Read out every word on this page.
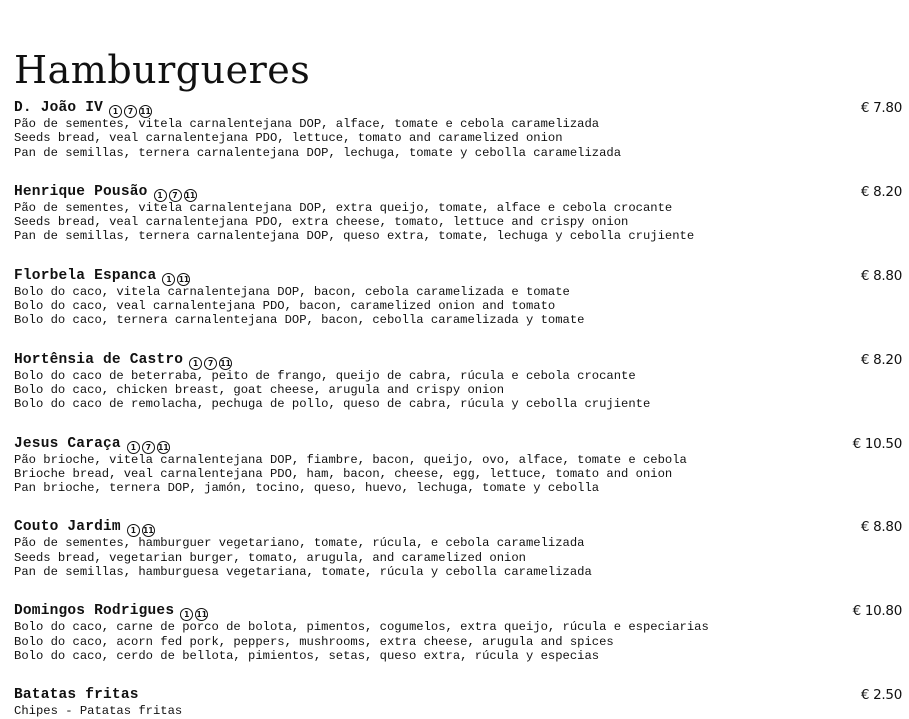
Hamburgueres
D. João IV 1 7 11	€ 7.80
Pão de sementes, vitela carnalentejana DOP, alface, tomate e cebola caramelizada
Seeds bread, veal carnalentejana PDO, lettuce, tomato and caramelized onion
Pan de semillas, ternera carnalentejana DOP, lechuga, tomate y cebolla caramelizada
Henrique Pousão 1 7 11	€ 8.20
Pão de sementes, vitela carnalentejana DOP, extra queijo, tomate, alface e cebola crocante
Seeds bread, veal carnalentejana PDO, extra cheese, tomato, lettuce and crispy onion
Pan de semillas, ternera carnalentejana DOP, queso extra, tomate, lechuga y cebolla crujiente
Florbela Espanca 1 11	€ 8.80
Bolo do caco, vitela carnalentejana DOP, bacon, cebola caramelizada e tomate
Bolo do caco, veal carnalentejana PDO, bacon, caramelized onion and tomato
Bolo do caco, ternera carnalentejana DOP, bacon, cebolla caramelizada y tomate
Hortênsia de Castro 1 7 11	€ 8.20
Bolo do caco de beterraba, peito de frango, queijo de cabra, rúcula e cebola crocante
Bolo do caco, chicken breast, goat cheese, arugula and crispy onion
Bolo do caco de remolacha, pechuga de pollo, queso de cabra, rúcula y cebolla crujiente
Jesus Caraça 1 7 11	€ 10.50
Pão brioche, vitela carnalentejana DOP, fiambre, bacon, queijo, ovo, alface, tomate e cebola
Brioche bread, veal carnalentejana PDO, ham, bacon, cheese, egg, lettuce, tomato and onion
Pan brioche, ternera DOP, jamón, tocino, queso, huevo, lechuga, tomate y cebolla
Couto Jardim 1 11	€ 8.80
Pão de sementes, hamburguer vegetariano, tomate, rúcula, e cebola caramelizada
Seeds bread, vegetarian burger, tomato, arugula, and caramelized onion
Pan de semillas, hamburguesa vegetariana, tomate, rúcula y cebolla caramelizada
Domingos Rodrigues 1 11	€ 10.80
Bolo do caco, carne de porco de bolota, pimentos, cogumelos, extra queijo, rúcula e especiarias
Bolo do caco, acorn fed pork, peppers, mushrooms, extra cheese, arugula and spices
Bolo do caco, cerdo de bellota, pimientos, setas, queso extra, rúcula y especias
Batatas fritas	€ 2.50
Chipes - Patatas fritas
